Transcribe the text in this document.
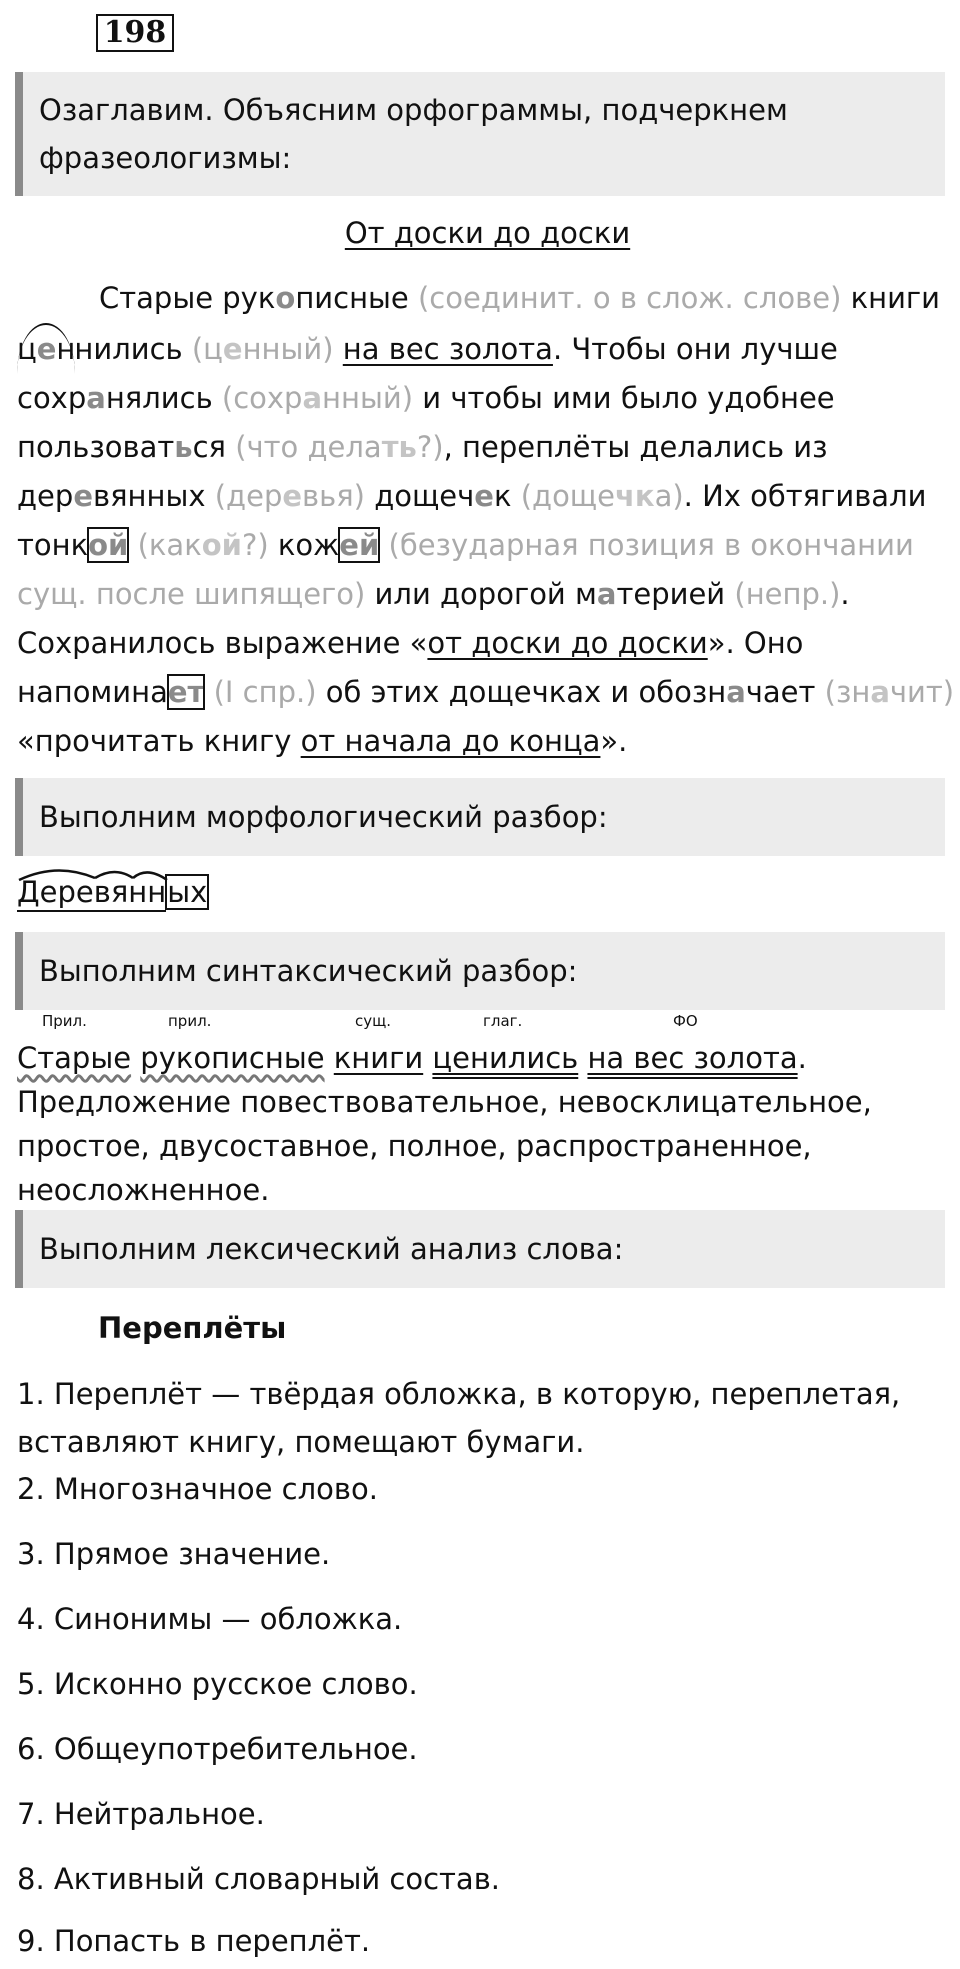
198
Озаглавим. Объясним орфограммы, подчеркнем
фразеологизмы:
От доски до доски
Старые рукописные (соединит. о в слож. слове) книги
ценнились (ценный) на вес золота. Чтобы они лучше
сохранялись (сохранный) и чтобы ими было удобнее
пользоваться (что делать?), переплёты делались из
деревянных (деревья) дощечек (дощечка). Их обтягивали
тонкой (какой?) кожей (безударная позиция в окончании
сущ. после шипящего) или дорогой материей (непр.).
Сохранилось выражение «от доски до доски». Оно
напоминает (I спр.) об этих дощечках и обозначает (значит)
«прочитать книгу от начала до конца».
Выполним морфологический разбор:
Деревянных
Выполним синтаксический разбор:
Прил.	прил.	сущ.	глаг.	ФО
Старые рукописные книги ценились на вес золота.
Предложение повествовательное, невосклицательное,
простое, двусоставное, полное, распространенное,
неосложненное.
Выполним лексический анализ слова:
Переплёты
1. Переплёт — твёрдая обложка, в которую, переплетая,
вставляют книгу, помещают бумаги.
2. Многозначное слово.
3. Прямое значение.
4. Синонимы — обложка.
5. Исконно русское слово.
6. Общеупотребительное.
7. Нейтральное.
8. Активный словарный состав.
9. Попасть в переплёт.
